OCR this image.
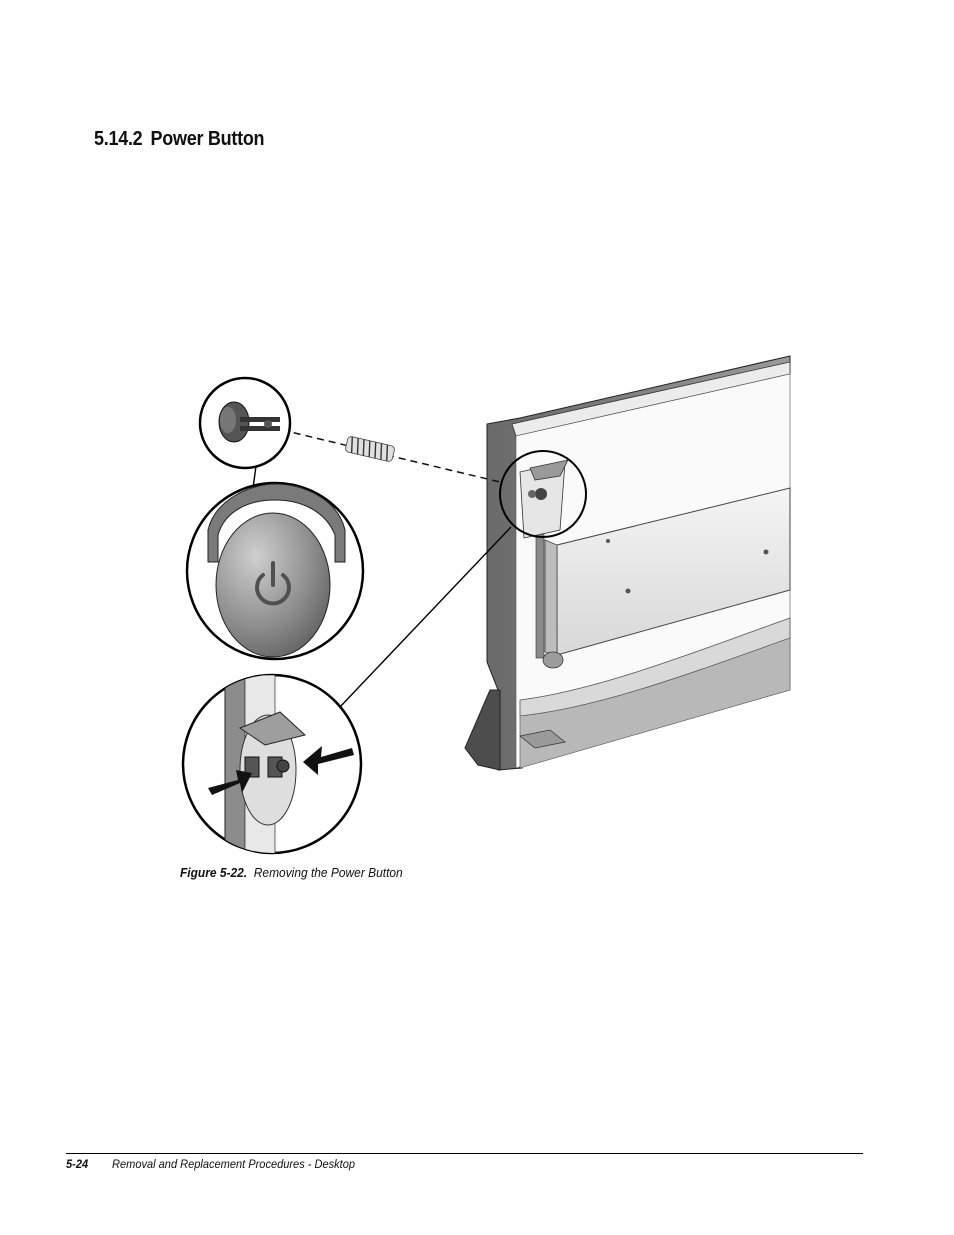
5.14.2 Power Button
Figure 5-22. Removing the Power Button
5-24 Removal and Replacement Procedures - Desktop
